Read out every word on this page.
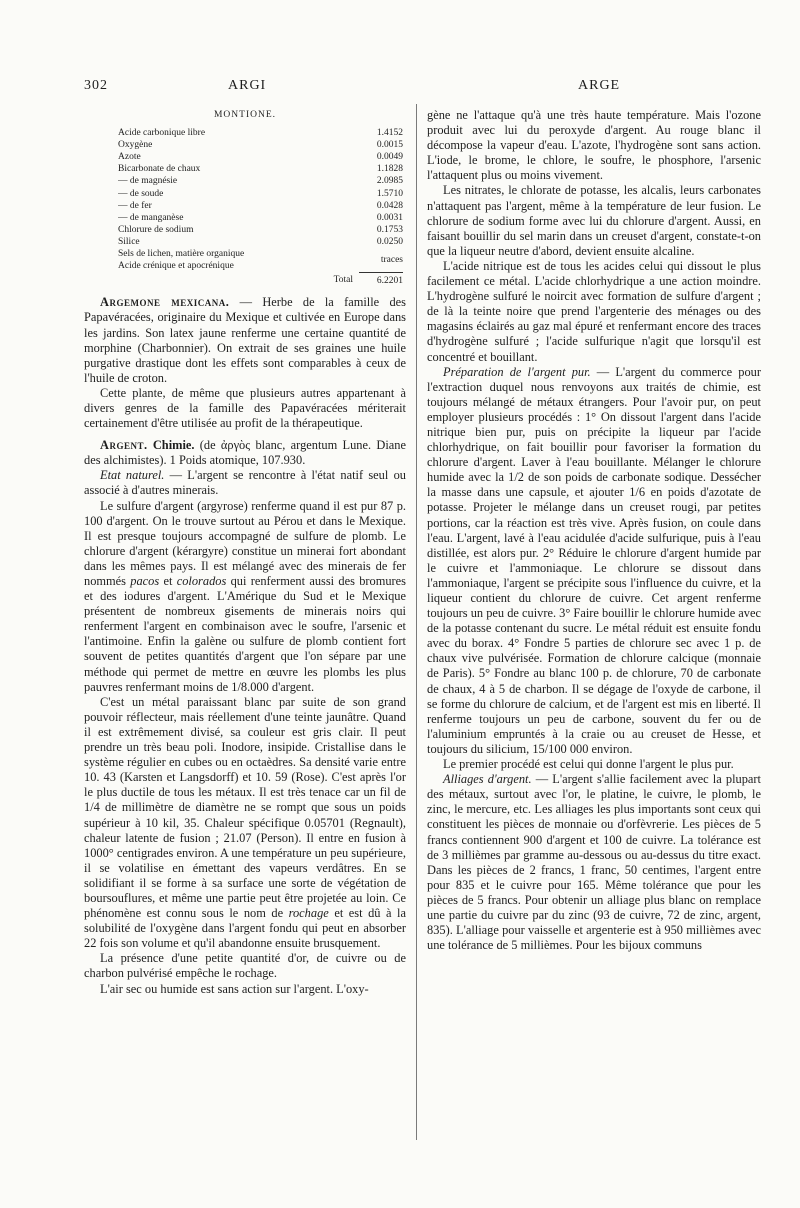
302	ARGI	ARGE
MONTIONE.
Acide carbonique libre	1.4152
Oxygène	0.0015
Azote	0.0049
Bicarbonate de chaux	1.1828
— de magnésie	2.0985
— de soude	1.5710
— de fer	0.0428
— de manganèse	0.0031
Chlorure de sodium	0.1753
Silice	0.0250

Sels de lichen, matière organique
Acide crénique et apocrénique	traces
Total	6.2201

Argemone mexicana. — Herbe de la famille des Papavéracées, originaire du Mexique et cultivée en Europe dans les jardins. Son latex jaune renferme une certaine quantité de morphine (Charbonnier). On extrait de ses graines une huile purgative drastique dont les effets sont comparables à ceux de l'huile de croton.

Cette plante, de même que plusieurs autres appartenant à divers genres de la famille des Papavéracées mériterait certainement d'être utilisée au profit de la thérapeutique.

Argent. Chimie. (de ἀργὸς blanc, argentum Lune. Diane des alchimistes). 1 Poids atomique, 107.930.

Etat naturel. — L'argent se rencontre à l'état natif seul ou associé à d'autres minerais.

Le sulfure d'argent (argyrose) renferme quand il est pur 87 p. 100 d'argent. On le trouve surtout au Pérou et dans le Mexique. Il est presque toujours accompagné de sulfure de plomb. Le chlorure d'argent (kérargyre) constitue un minerai fort abondant dans les mêmes pays. Il est mélangé avec des minerais de fer nommés pacos et colorados qui renferment aussi des bromures et des iodures d'argent. L'Amérique du Sud et le Mexique présentent de nombreux gisements de minerais noirs qui renferment l'argent en combinaison avec le soufre, l'arsenic et l'antimoine. Enfin la galène ou sulfure de plomb contient fort souvent de petites quantités d'argent que l'on sépare par une méthode qui permet de mettre en œuvre les plombs les plus pauvres renfermant moins de 1/8.000 d'argent.

C'est un métal paraissant blanc par suite de son grand pouvoir réflecteur, mais réellement d'une teinte jaunâtre. Quand il est extrêmement divisé, sa couleur est gris clair. Il peut prendre un très beau poli. Inodore, insipide. Cristallise dans le système régulier en cubes ou en octaèdres. Sa densité varie entre 10. 43 (Karsten et Langsdorff) et 10. 59 (Rose). C'est après l'or le plus ductile de tous les métaux. Il est très tenace car un fil de 1/4 de millimètre de diamètre ne se rompt que sous un poids supérieur à 10 kil, 35. Chaleur spécifique 0.05701 (Regnault), chaleur latente de fusion ; 21.07 (Person). Il entre en fusion à 1000° centigrades environ. A une température un peu supérieure, il se volatilise en émettant des vapeurs verdâtres. En se solidifiant il se forme à sa surface une sorte de végétation de boursouflures, et même une partie peut être projetée au loin. Ce phénomène est connu sous le nom de rochage et est dû à la solubilité de l'oxygène dans l'argent fondu qui peut en absorber 22 fois son volume et qu'il abandonne ensuite brusquement.

La présence d'une petite quantité d'or, de cuivre ou de charbon pulvérisé empêche le rochage.

L'air sec ou humide est sans action sur l'argent. L'oxy-

gène ne l'attaque qu'à une très haute température. Mais l'ozone produit avec lui du peroxyde d'argent. Au rouge blanc il décompose la vapeur d'eau. L'azote, l'hydrogène sont sans action. L'iode, le brome, le chlore, le soufre, le phosphore, l'arsenic l'attaquent plus ou moins vivement.

Les nitrates, le chlorate de potasse, les alcalis, leurs carbonates n'attaquent pas l'argent, même à la température de leur fusion. Le chlorure de sodium forme avec lui du chlorure d'argent. Aussi, en faisant bouillir du sel marin dans un creuset d'argent, constate-t-on que la liqueur neutre d'abord, devient ensuite alcaline.

L'acide nitrique est de tous les acides celui qui dissout le plus facilement ce métal. L'acide chlorhydrique a une action moindre. L'hydrogène sulfuré le noircit avec formation de sulfure d'argent ; de là la teinte noire que prend l'argenterie des ménages ou des magasins éclairés au gaz mal épuré et renfermant encore des traces d'hydrogène sulfuré ; l'acide sulfurique n'agit que lorsqu'il est concentré et bouillant.

Préparation de l'argent pur. — L'argent du commerce pour l'extraction duquel nous renvoyons aux traités de chimie, est toujours mélangé de métaux étrangers. Pour l'avoir pur, on peut employer plusieurs procédés : 1° On dissout l'argent dans l'acide nitrique bien pur, puis on précipite la liqueur par l'acide chlorhydrique, on fait bouillir pour favoriser la formation du chlorure d'argent. Laver à l'eau bouillante. Mélanger le chlorure humide avec la 1/2 de son poids de carbonate sodique. Dessécher la masse dans une capsule, et ajouter 1/6 en poids d'azotate de potasse. Projeter le mélange dans un creuset rougi, par petites portions, car la réaction est très vive. Après fusion, on coule dans l'eau. L'argent, lavé à l'eau acidulée d'acide sulfurique, puis à l'eau distillée, est alors pur. 2° Réduire le chlorure d'argent humide par le cuivre et l'ammoniaque. Le chlorure se dissout dans l'ammoniaque, l'argent se précipite sous l'influence du cuivre, et la liqueur contient du chlorure de cuivre. Cet argent renferme toujours un peu de cuivre. 3° Faire bouillir le chlorure humide avec de la potasse contenant du sucre. Le métal réduit est ensuite fondu avec du borax. 4° Fondre 5 parties de chlorure sec avec 1 p. de chaux vive pulvérisée. Formation de chlorure calcique (monnaie de Paris). 5° Fondre au blanc 100 p. de chlorure, 70 de carbonate de chaux, 4 à 5 de charbon. Il se dégage de l'oxyde de carbone, il se forme du chlorure de calcium, et de l'argent est mis en liberté. Il renferme toujours un peu de carbone, souvent du fer ou de l'aluminium empruntés à la craie ou au creuset de Hesse, et toujours du silicium, 15/100 000 environ.

Le premier procédé est celui qui donne l'argent le plus pur.

Alliages d'argent. — L'argent s'allie facilement avec la plupart des métaux, surtout avec l'or, le platine, le cuivre, le plomb, le zinc, le mercure, etc. Les alliages les plus importants sont ceux qui constituent les pièces de monnaie ou d'orfèvrerie. Les pièces de 5 francs contiennent 900 d'argent et 100 de cuivre. La tolérance est de 3 millièmes par gramme au-dessous ou au-dessus du titre exact. Dans les pièces de 2 francs, 1 franc, 50 centimes, l'argent entre pour 835 et le cuivre pour 165. Même tolérance que pour les pièces de 5 francs. Pour obtenir un alliage plus blanc on remplace une partie du cuivre par du zinc (93 de cuivre, 72 de zinc, argent, 835). L'alliage pour vaisselle et argenterie est à 950 millièmes avec une tolérance de 5 millièmes. Pour les bijoux communs
